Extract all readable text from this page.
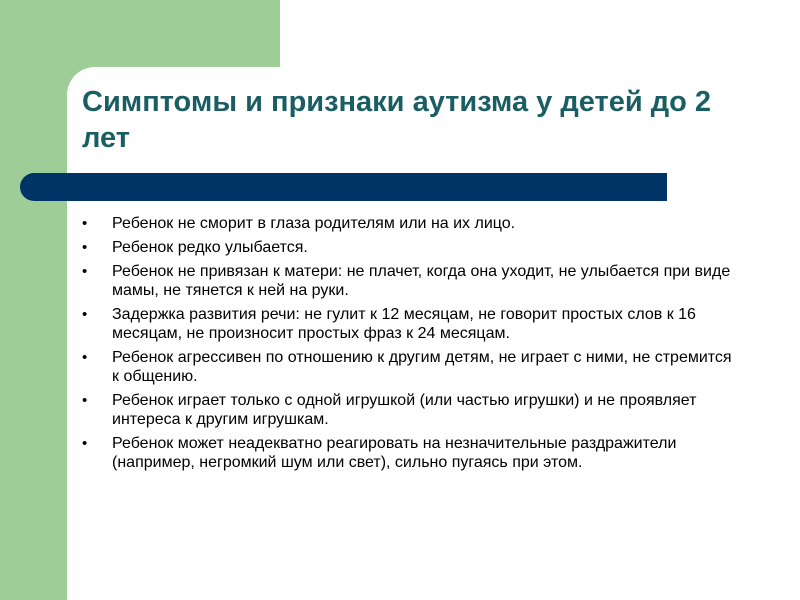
Симптомы и признаки аутизма у детей до 2 лет
• Ребенок не сморит в глаза родителям или на их лицо.
• Ребенок редко улыбается.
• Ребенок не привязан к матери: не плачет, когда она уходит, не улыбается при виде мамы, не тянется к ней на руки.
• Задержка развития речи: не гулит к 12 месяцам, не говорит простых слов к 16 месяцам, не произносит простых фраз к 24 месяцам.
• Ребенок агрессивен по отношению к другим детям, не играет с ними, не стремится к общению.
• Ребенок играет только с одной игрушкой (или частью игрушки) и не проявляет интереса к другим игрушкам.
• Ребенок может неадекватно реагировать на незначительные раздражители (например, негромкий шум или свет), сильно пугаясь при этом.
